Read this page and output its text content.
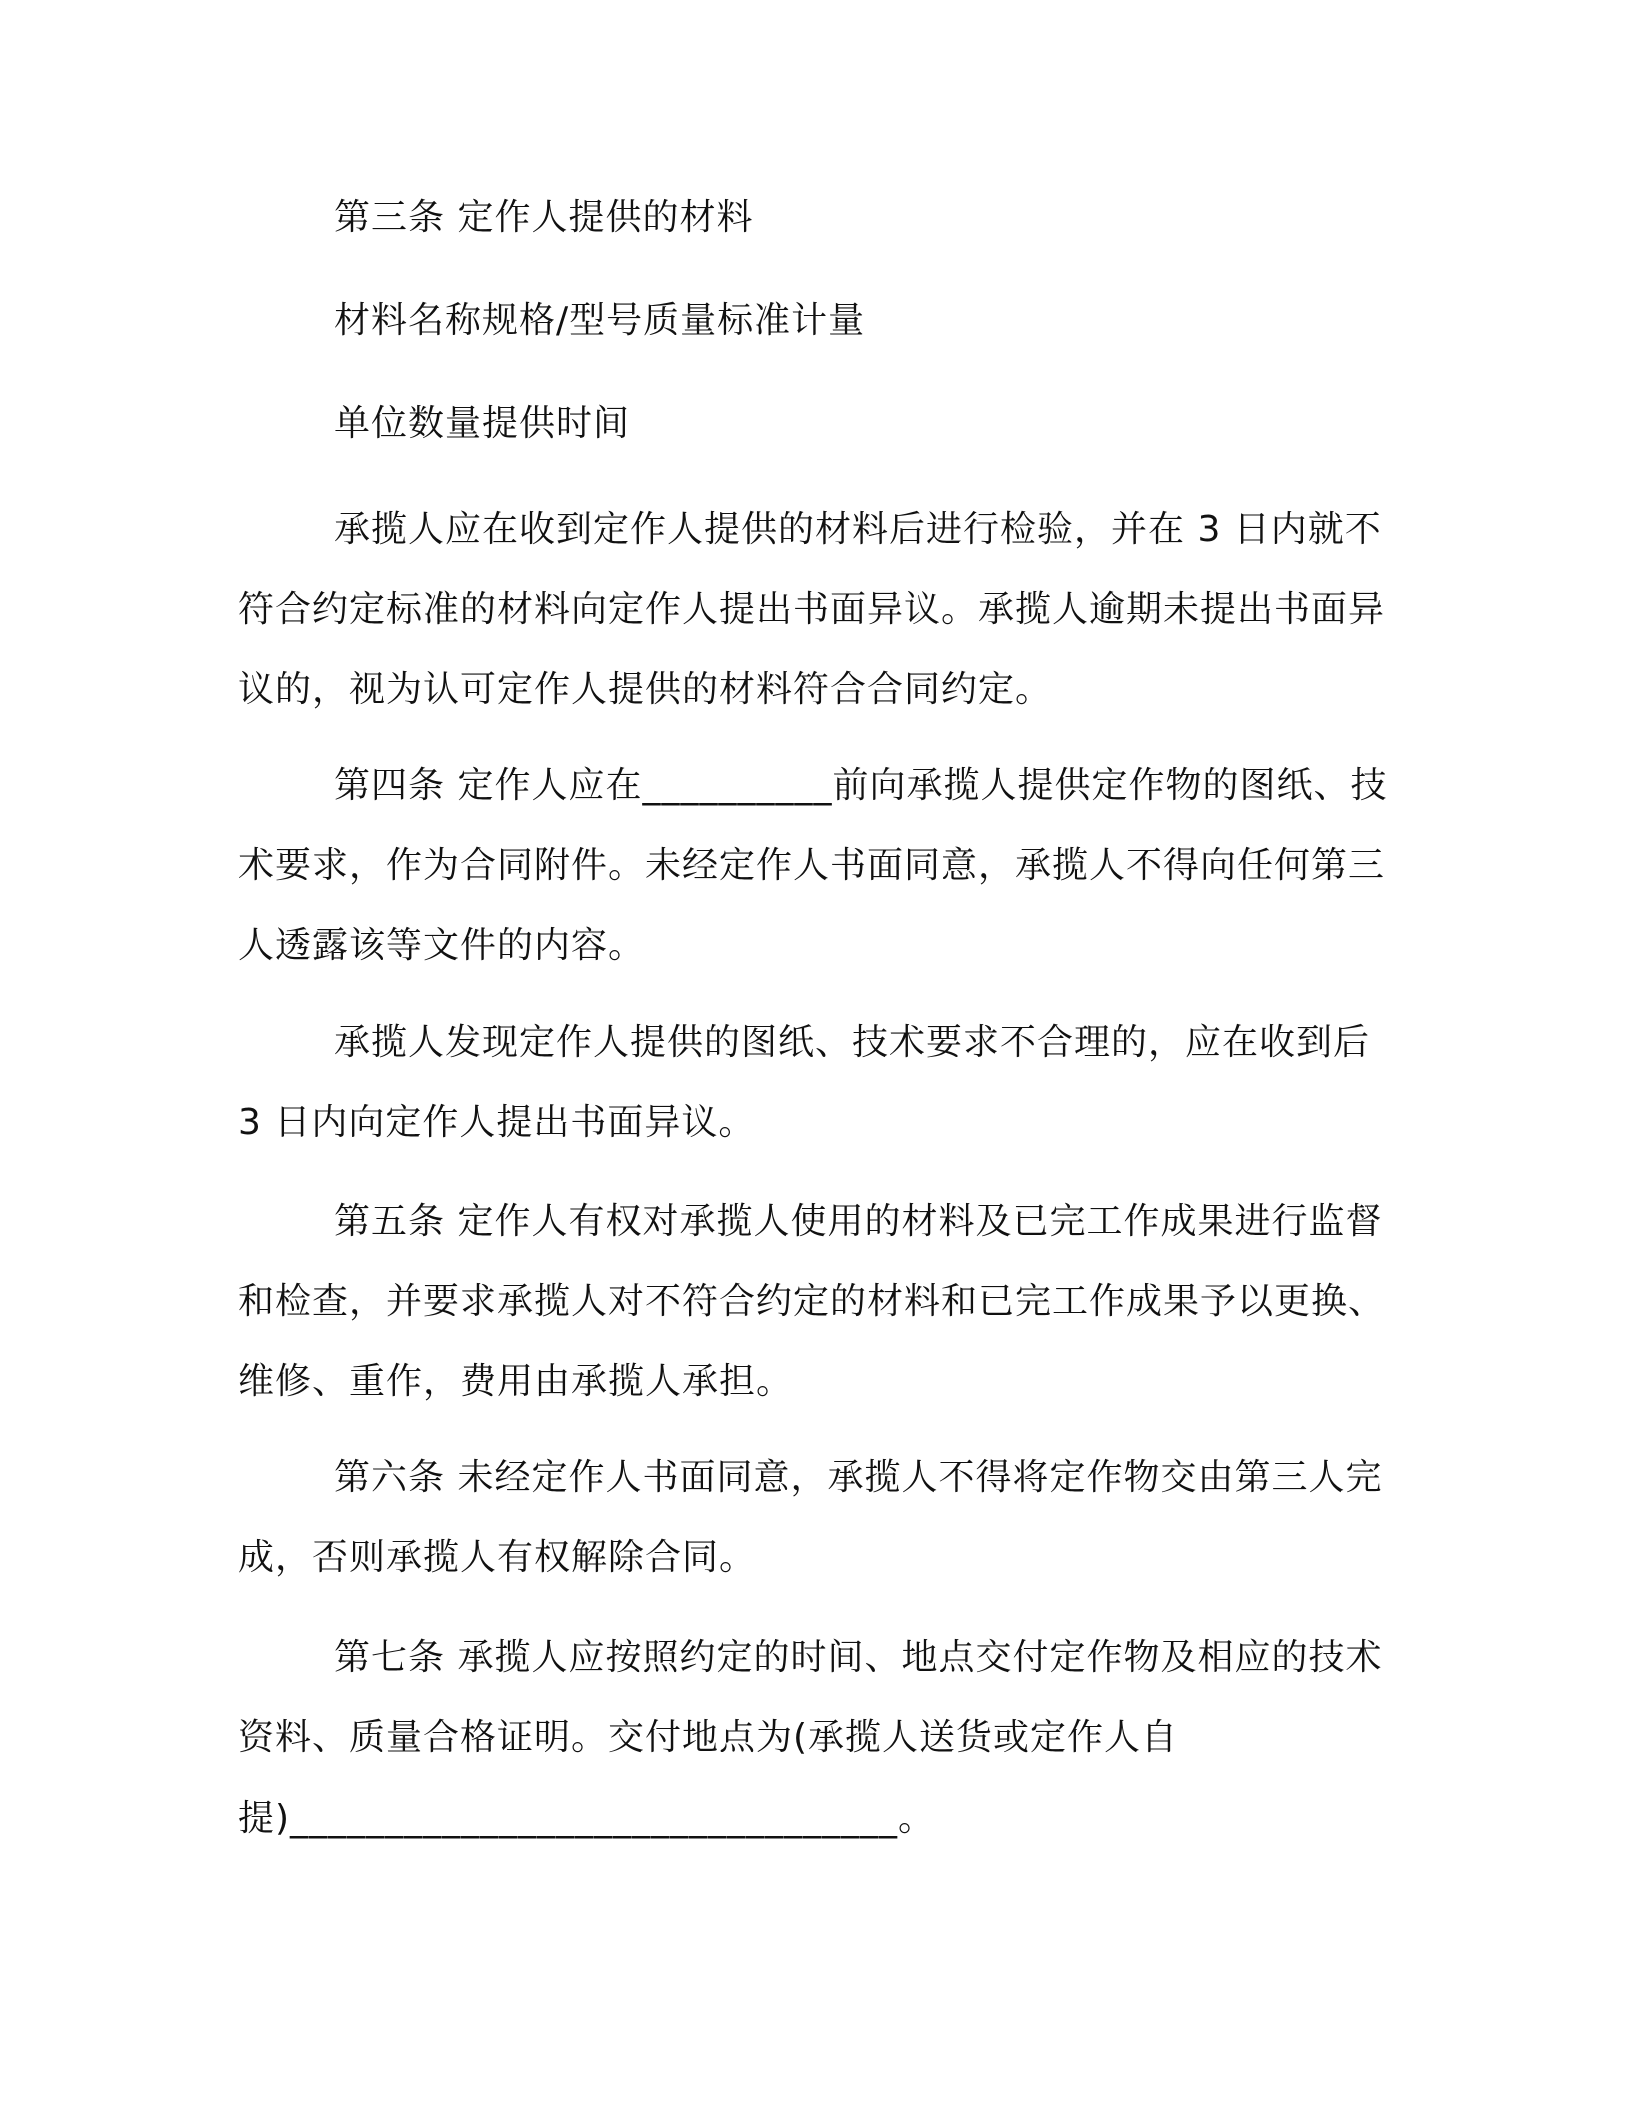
第三条 定作人提供的材料
材料名称规格/型号质量标准计量
单位数量提供时间
承揽人应在收到定作人提供的材料后进行检验，并在 3 日内就不符合约定标准的材料向定作人提出书面异议。承揽人逾期未提出书面异议的，视为认可定作人提供的材料符合合同约定。
第四条 定作人应在__________前向承揽人提供定作物的图纸、技术要求，作为合同附件。未经定作人书面同意，承揽人不得向任何第三人透露该等文件的内容。
承揽人发现定作人提供的图纸、技术要求不合理的，应在收到后 3 日内向定作人提出书面异议。
第五条 定作人有权对承揽人使用的材料及已完工作成果进行监督和检查，并要求承揽人对不符合约定的材料和已完工作成果予以更换、维修、重作，费用由承揽人承担。
第六条 未经定作人书面同意，承揽人不得将定作物交由第三人完成，否则承揽人有权解除合同。
第七条 承揽人应按照约定的时间、地点交付定作物及相应的技术资料、质量合格证明。交付地点为(承揽人送货或定作人自
提)________________________________。
